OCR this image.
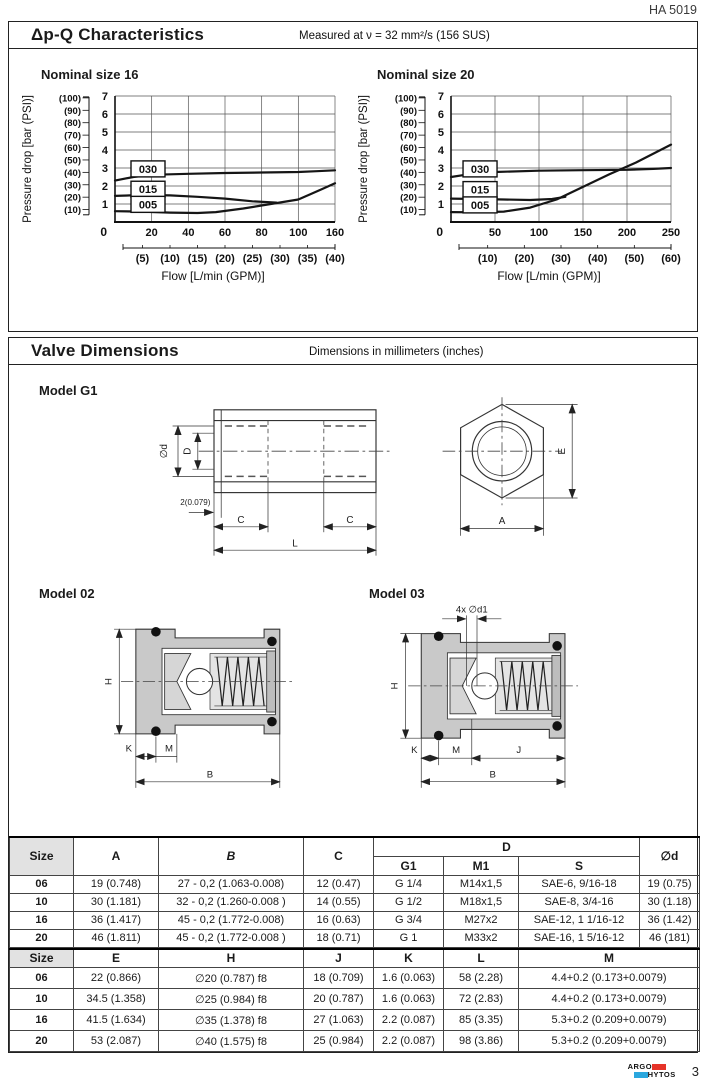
HA 5019
Δp-Q Characteristics	Measured at ν = 32 mm²/s (156 SUS)
Nominal size 16
1
2
3
4
5
6
7
0
(100)
(90)
(80)
(70)
(60)
(50)
(40)
(30)
(20)
(10)
Pressure drop [bar (PSI)]
20 40 60 80 100 160
(5) (10) (15) (20) (25) (30) (35) (40)
Flow [L/min (GPM)]
030
015
005
Nominal size 20
1
2
3
4
5
6
7
0
(100)
(90)
(80)
(70)
(60)
(50)
(40)
(30)
(20)
(10)
Pressure drop [bar (PSI)]
50	100 150 200 250
(10) (20) (30) (40) (50) (60)
Flow [L/min (GPM)]
030
015
005
Valve Dimensions	Dimensions in millimeters (inches)
Model G1
∅d D
2(0.079)
C	C
L
E
A
Model 02
H
K	M
B
Model 03
4x ∅d1
H
K	M	J
B
Size	A	B	C	D			∅d
				G1	M1	S	
06	19 (0.748)	27 - 0,2 (1.063-0.008)	12 (0.47)	G 1/4	M14x1,5	SAE-6, 9/16-18	19 (0.75)
10	30 (1.181)	32 - 0,2 (1.260-0.008 )	14 (0.55)	G 1/2	M18x1,5	SAE-8, 3/4-16	30 (1.18)
16	36 (1.417)	45 - 0,2 (1.772-0.008)	16 (0.63)	G 3/4	M27x2	SAE-12, 1 1/16-12	36 (1.42)
20	46 (1.811)	45 - 0,2 (1.772-0.008 )	18 (0.71)	G 1	M33x2	SAE-16, 1 5/16-12	46 (181)
Size	E	H	J	K	L	M
06	22 (0.866)	∅20 (0.787) f8	18 (0.709)	1.6 (0.063)	58 (2.28)	4.4+0.2 (0.173+0.0079)
10	34.5 (1.358)	∅25 (0.984) f8	20 (0.787)	1.6 (0.063)	72 (2.83)	4.4+0.2 (0.173+0.0079)
16	41.5 (1.634)	∅35 (1.378) f8	27 (1.063)	2.2 (0.087)	85 (3.35)	5.3+0.2 (0.209+0.0079)
20	53 (2.087)	∅40 (1.575) f8	25 (0.984)	2.2 (0.087)	98 (3.86)	5.3+0.2 (0.209+0.0079)
ARGO
HYTOS 3
